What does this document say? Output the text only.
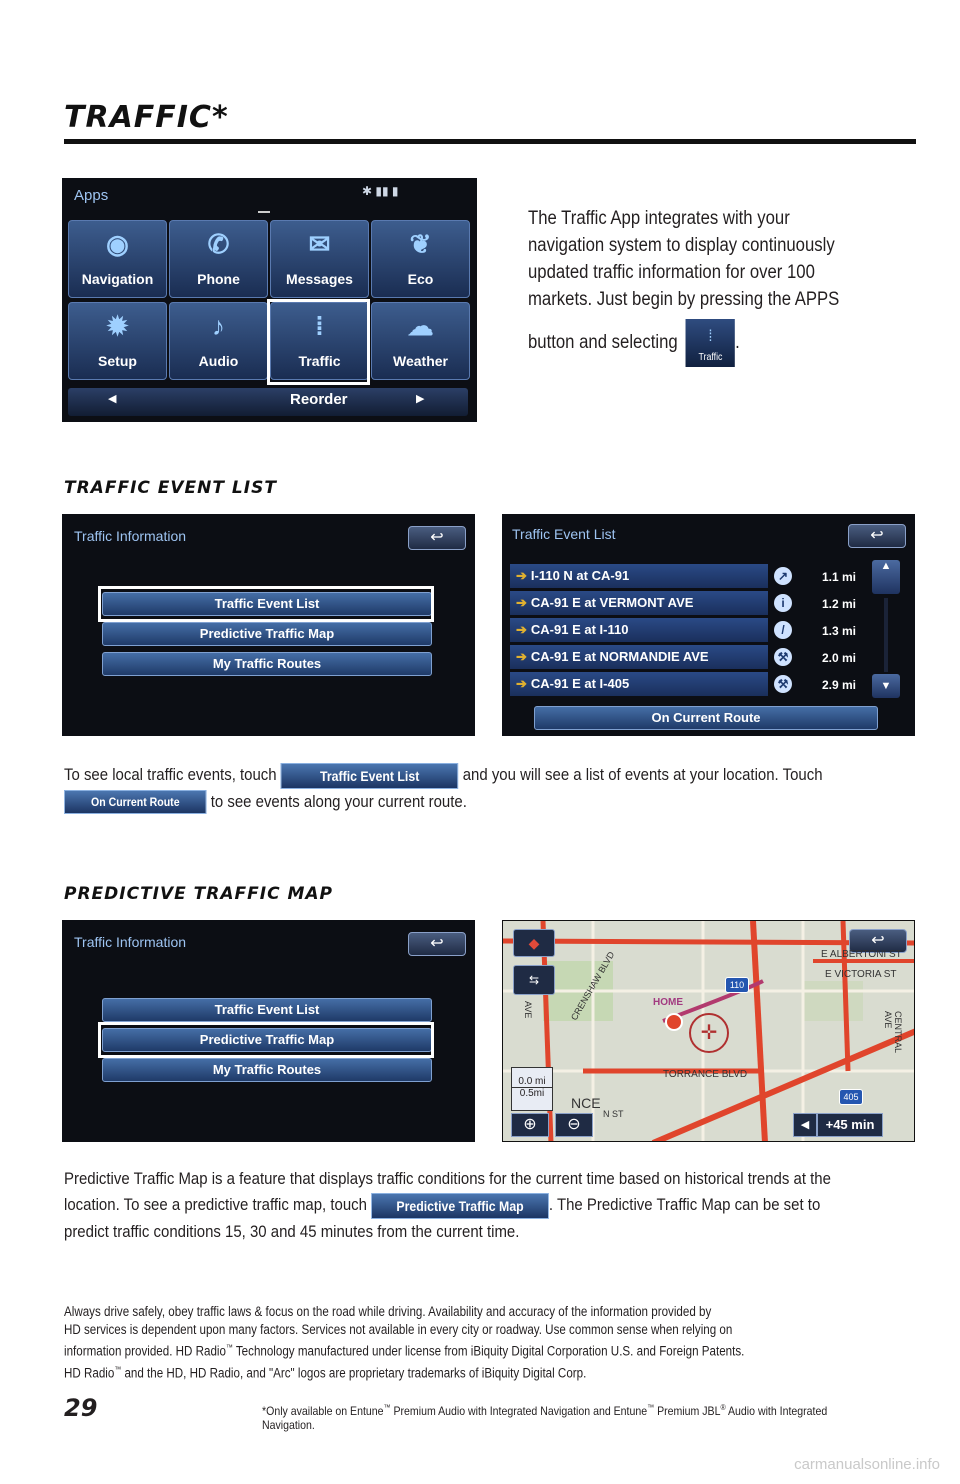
TRAFFIC*
Apps	✱ ▮▮ ▮
◉
Navigation
✆
Phone
✉
Messages
❦
Eco
✹
Setup
♪
Audio
⁞
Traffic
☁
Weather
◀	Reorder	▶
The Traffic App integrates with your
navigation system to display continuously
updated traffic information for over 100
markets. Just begin by pressing the APPS
button and selecting	⁞
Traffic
.
TRAFFIC EVENT LIST
Traffic Information	↩
Traffic Event List
Predictive Traffic Map
My Traffic Routes
Traffic Event List	↩
➔ I-110 N at CA-91	↗	1.1 mi
➔ CA-91 E at VERMONT AVE	i	1.2 mi
➔ CA-91 E at I-110	/	1.3 mi
➔ CA-91 E at NORMANDIE AVE	⚒	2.0 mi
➔ CA-91 E at I-405	⚒	2.9 mi
▲
▼
On Current Route
To see local traffic events, touch	Traffic Event List	and you will see a list of events at your location. Touch
On Current Route to see events along your current route.
PREDICTIVE TRAFFIC MAP
Traffic Information	↩
Traffic Event List
Predictive Traffic Map
My Traffic Routes
◆
⇆
↩
E ALBERTONI ST
E VICTORIA ST
CRENSHAW BLVD
TORRANCE BLVD
CENTRAL AVE
HOME
AVE
NCE
N ST
110
405
✛
0.0 mi
0.5mi
⊕	⊖	◀	+45 min
Predictive Traffic Map is a feature that displays traffic conditions for the current time based on historical trends at the
location. To see a predictive traffic map, touch Predictive Traffic Map . The Predictive Traffic Map can be set to
predict traffic conditions 15, 30 and 45 minutes from the current time.
Always drive safely, obey traffic laws & focus on the road while driving. Availability and accuracy of the information provided by
HD services is dependent upon many factors. Services not available in every city or roadway. Use common sense when relying on
information provided. HD Radio™ Technology manufactured under license from iBiquity Digital Corporation U.S. and Foreign Patents.
HD Radio™ and the HD, HD Radio, and "Arc" logos are proprietary trademarks of iBiquity Digital Corp.
29	*Only available on Entune™ Premium Audio with Integrated Navigation and Entune™ Premium JBL® Audio with Integrated Navigation.
carmanualsonline.info
